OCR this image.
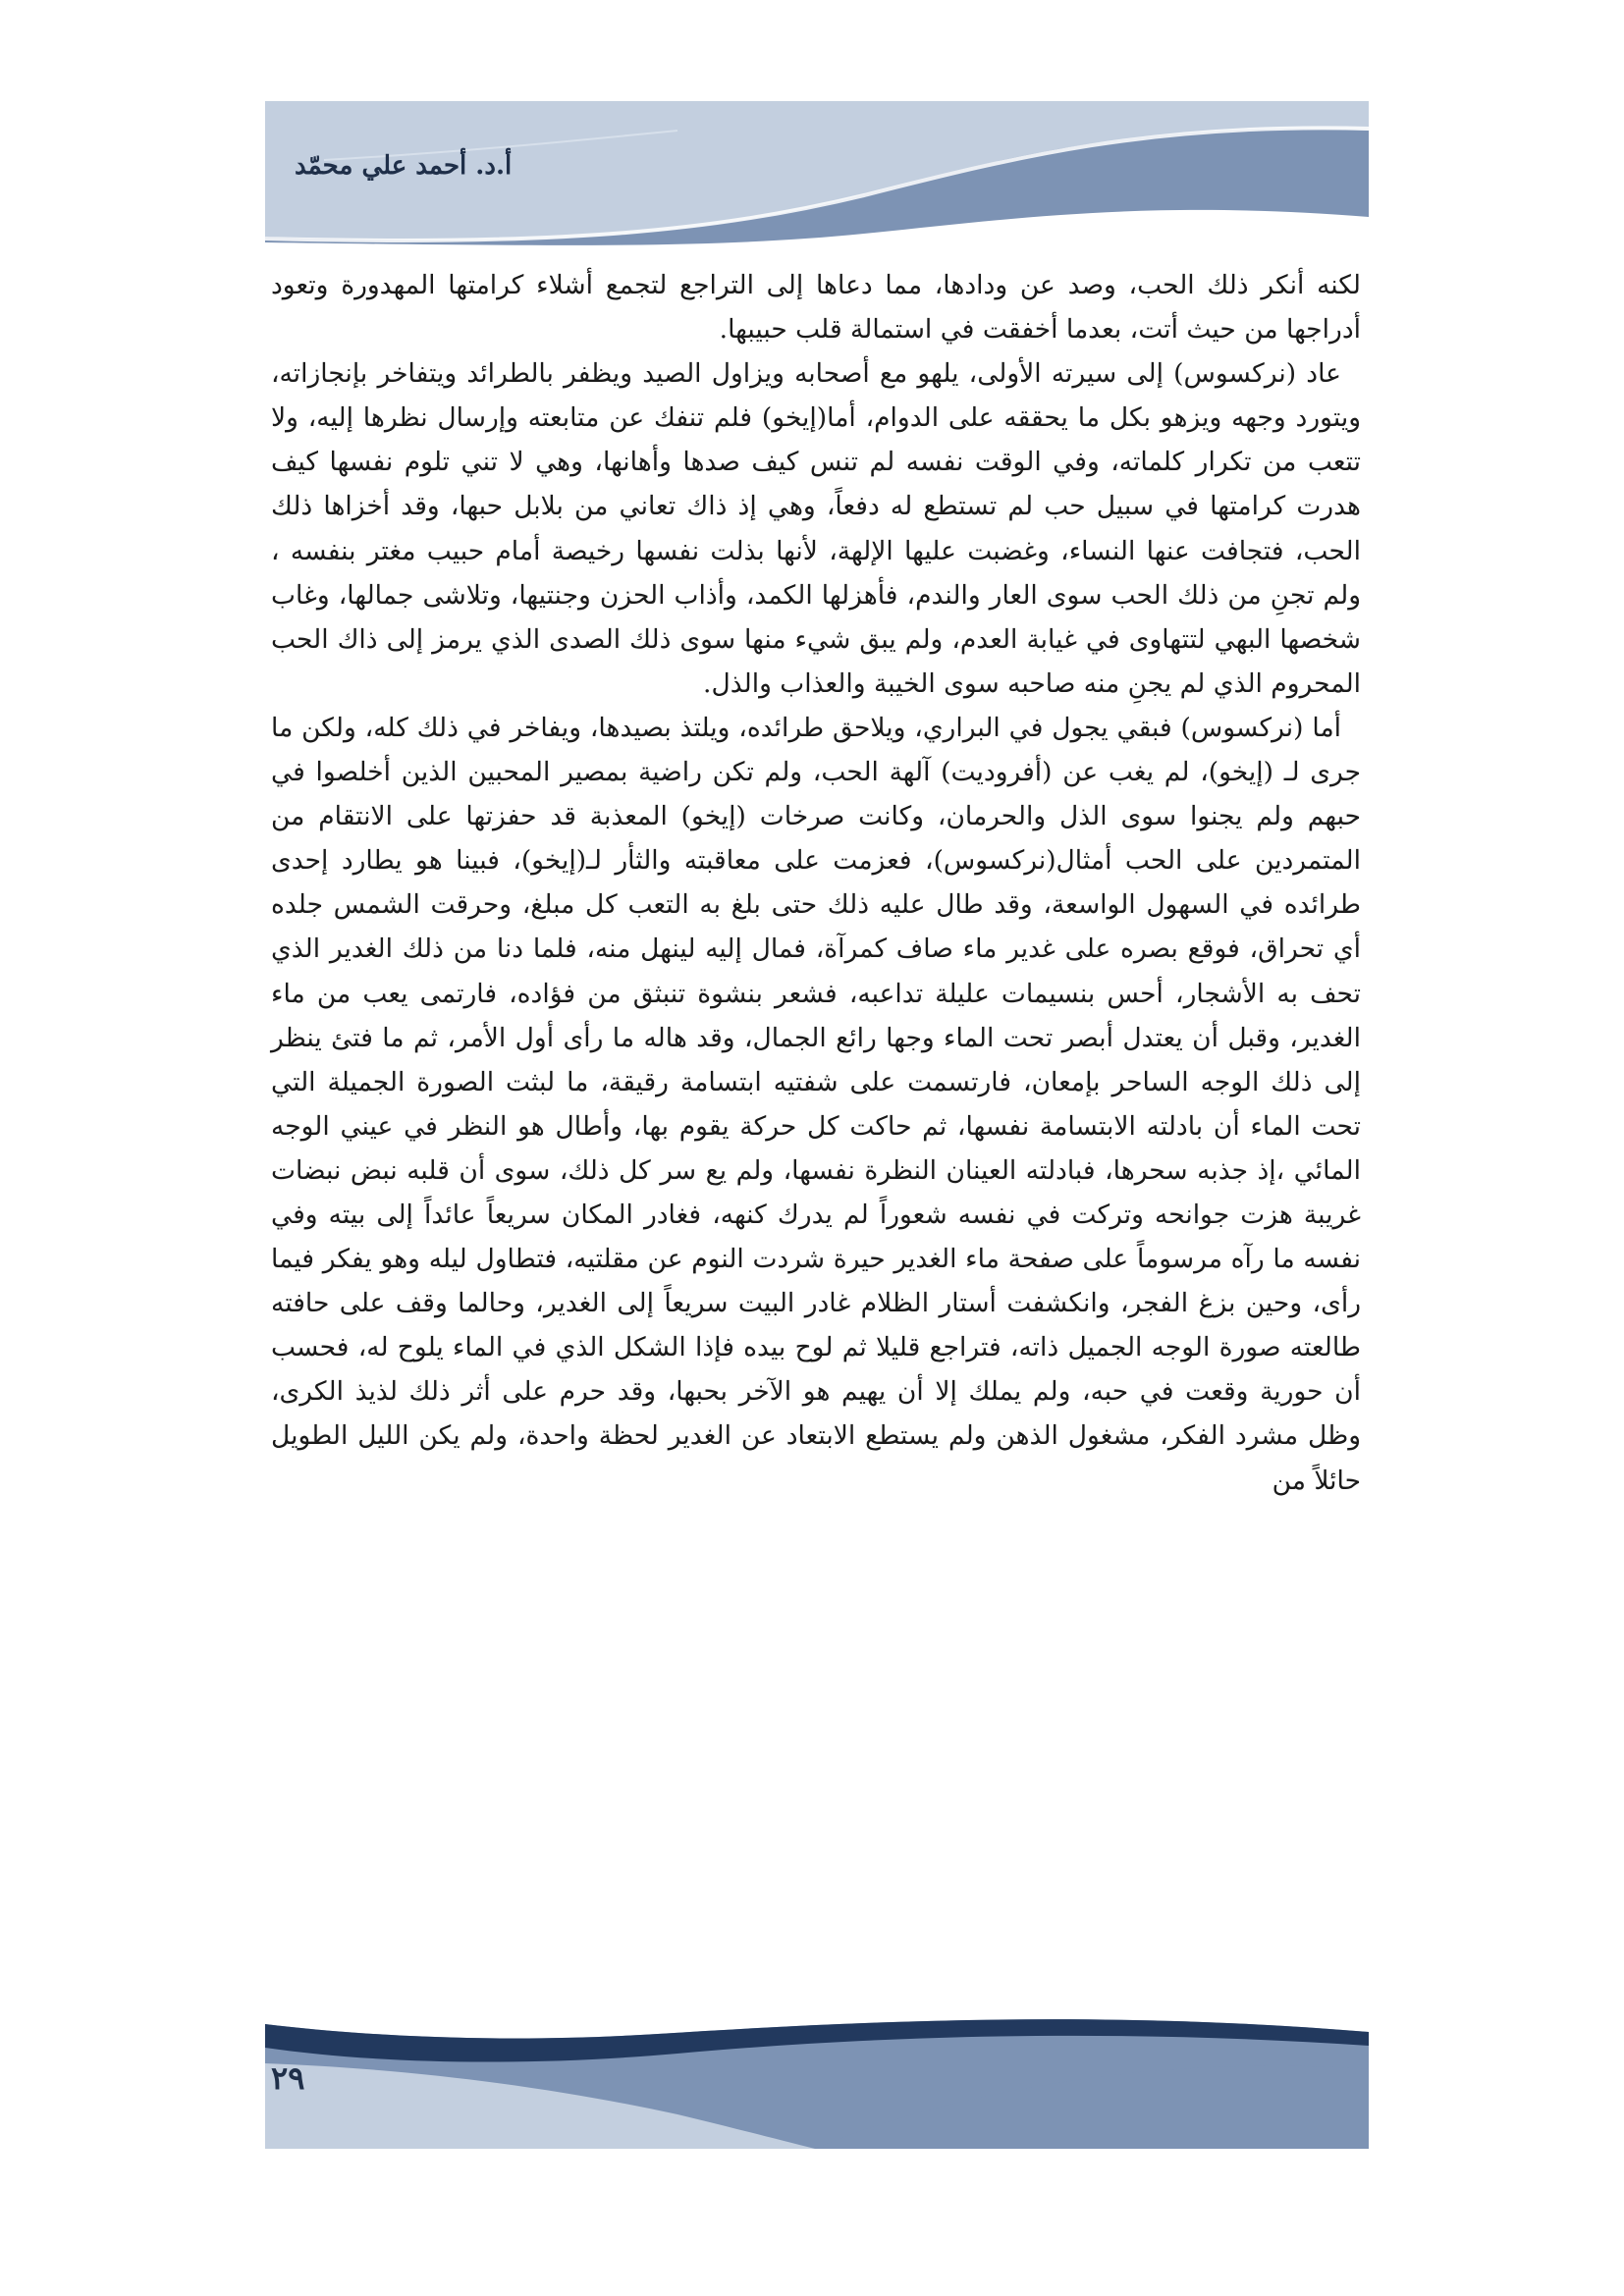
أ.د. أحمد علي محمّد

لكنه أنكر ذلك الحب، وصد عن ودادها، مما دعاها إلى التراجع لتجمع أشلاء كرامتها المهدورة وتعود أدراجها من حيث أتت، بعدما أخفقت في استمالة قلب حبيبها.

عاد (نركسوس) إلى سيرته الأولى، يلهو مع أصحابه ويزاول الصيد ويظفر بالطرائد ويتفاخر بإنجازاته، ويتورد وجهه ويزهو بكل ما يحققه على الدوام، أما(إيخو) فلم تنفك عن متابعته وإرسال نظرها إليه، ولا تتعب من تكرار كلماته، وفي الوقت نفسه لم تنس كيف صدها وأهانها، وهي لا تني تلوم نفسها كيف هدرت كرامتها في سبيل حب لم تستطع له دفعاً، وهي إذ ذاك تعاني من بلابل حبها، وقد أخزاها ذلك الحب، فتجافت عنها النساء، وغضبت عليها الإلهة، لأنها بذلت نفسها رخيصة أمام حبيب مغتر بنفسه ، ولم تجنِ من ذلك الحب سوى العار والندم، فأهزلها الكمد، وأذاب الحزن وجنتيها، وتلاشى جمالها، وغاب شخصها البهي لتتهاوى في غيابة العدم، ولم يبق شيء منها سوى ذلك الصدى الذي يرمز إلى ذاك الحب المحروم الذي لم يجنِ منه صاحبه سوى الخيبة والعذاب والذل.

أما (نركسوس) فبقي يجول في البراري، ويلاحق طرائده، ويلتذ بصيدها، ويفاخر في ذلك كله، ولكن ما جرى لـ (إيخو)، لم يغب عن (أفروديت) آلهة الحب، ولم تكن راضية بمصير المحبين الذين أخلصوا في حبهم ولم يجنوا سوى الذل والحرمان، وكانت صرخات (إيخو) المعذبة قد حفزتها على الانتقام من المتمردين على الحب أمثال(نركسوس)، فعزمت على معاقبته والثأر لـ(إيخو)، فبينا هو يطارد إحدى طرائده في السهول الواسعة، وقد طال عليه ذلك حتى بلغ به التعب كل مبلغ، وحرقت الشمس جلده أي تحراق، فوقع بصره على غدير ماء صاف كمرآة، فمال إليه لينهل منه، فلما دنا من ذلك الغدير الذي تحف به الأشجار، أحس بنسيمات عليلة تداعبه، فشعر بنشوة تنبثق من فؤاده، فارتمى يعب من ماء الغدير، وقبل أن يعتدل أبصر تحت الماء وجها رائع الجمال، وقد هاله ما رأى أول الأمر، ثم ما فتئ ينظر إلى ذلك الوجه الساحر بإمعان، فارتسمت على شفتيه ابتسامة رقيقة، ما لبثت الصورة الجميلة التي تحت الماء أن بادلته الابتسامة نفسها، ثم حاكت كل حركة يقوم بها، وأطال هو النظر في عيني الوجه المائي ،إذ جذبه سحرها، فبادلته العينان النظرة نفسها، ولم يع سر كل ذلك، سوى أن قلبه نبض نبضات غريبة هزت جوانحه وتركت في نفسه شعوراً لم يدرك كنهه، فغادر المكان سريعاً عائداً إلى بيته وفي نفسه ما رآه مرسوماً على صفحة ماء الغدير حيرة شردت النوم عن مقلتيه، فتطاول ليله وهو يفكر فيما رأى، وحين بزغ الفجر، وانكشفت أستار الظلام غادر البيت سريعاً إلى الغدير، وحالما وقف على حافته طالعته صورة الوجه الجميل ذاته، فتراجع قليلا ثم لوح بيده فإذا الشكل الذي في الماء يلوح له، فحسب أن حورية وقعت في حبه، ولم يملك إلا أن يهيم هو الآخر بحبها، وقد حرم على أثر ذلك لذيذ الكرى، وظل مشرد الفكر، مشغول الذهن ولم يستطع الابتعاد عن الغدير لحظة واحدة، ولم يكن الليل الطويل حائلاً من

٢٩
